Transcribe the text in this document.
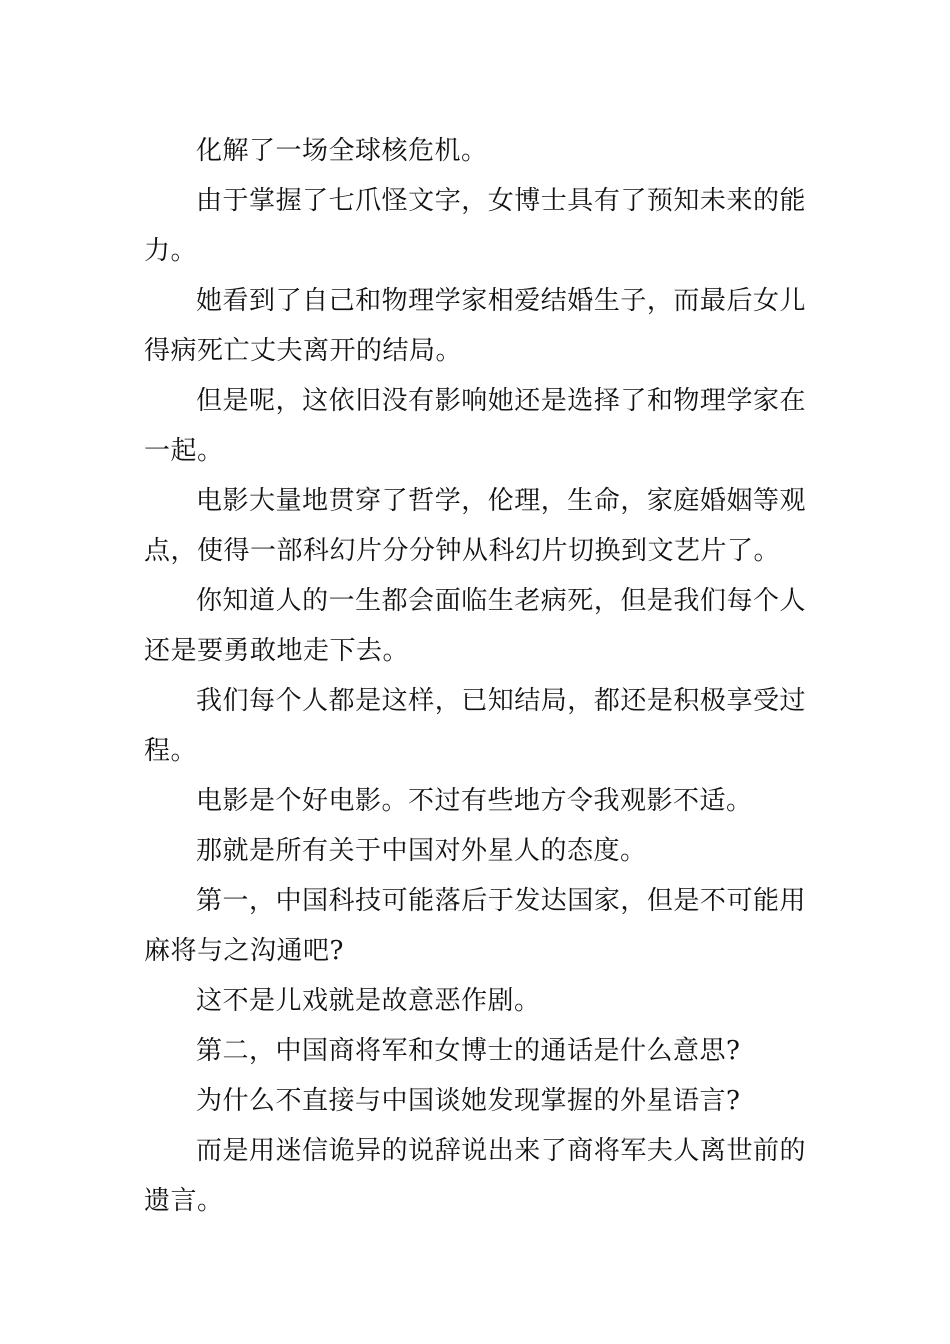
化解了一场全球核危机。

由于掌握了七爪怪文字，女博士具有了预知未来的能力。

她看到了自己和物理学家相爱结婚生子，而最后女儿得病死亡丈夫离开的结局。

但是呢，这依旧没有影响她还是选择了和物理学家在一起。

电影大量地贯穿了哲学，伦理，生命，家庭婚姻等观点，使得一部科幻片分分钟从科幻片切换到文艺片了。

你知道人的一生都会面临生老病死，但是我们每个人还是要勇敢地走下去。

我们每个人都是这样，已知结局，都还是积极享受过程。

电影是个好电影。不过有些地方令我观影不适。

那就是所有关于中国对外星人的态度。

第一，中国科技可能落后于发达国家，但是不可能用麻将与之沟通吧?

这不是儿戏就是故意恶作剧。

第二，中国商将军和女博士的通话是什么意思?

为什么不直接与中国谈她发现掌握的外星语言?

而是用迷信诡异的说辞说出来了商将军夫人离世前的遗言。
